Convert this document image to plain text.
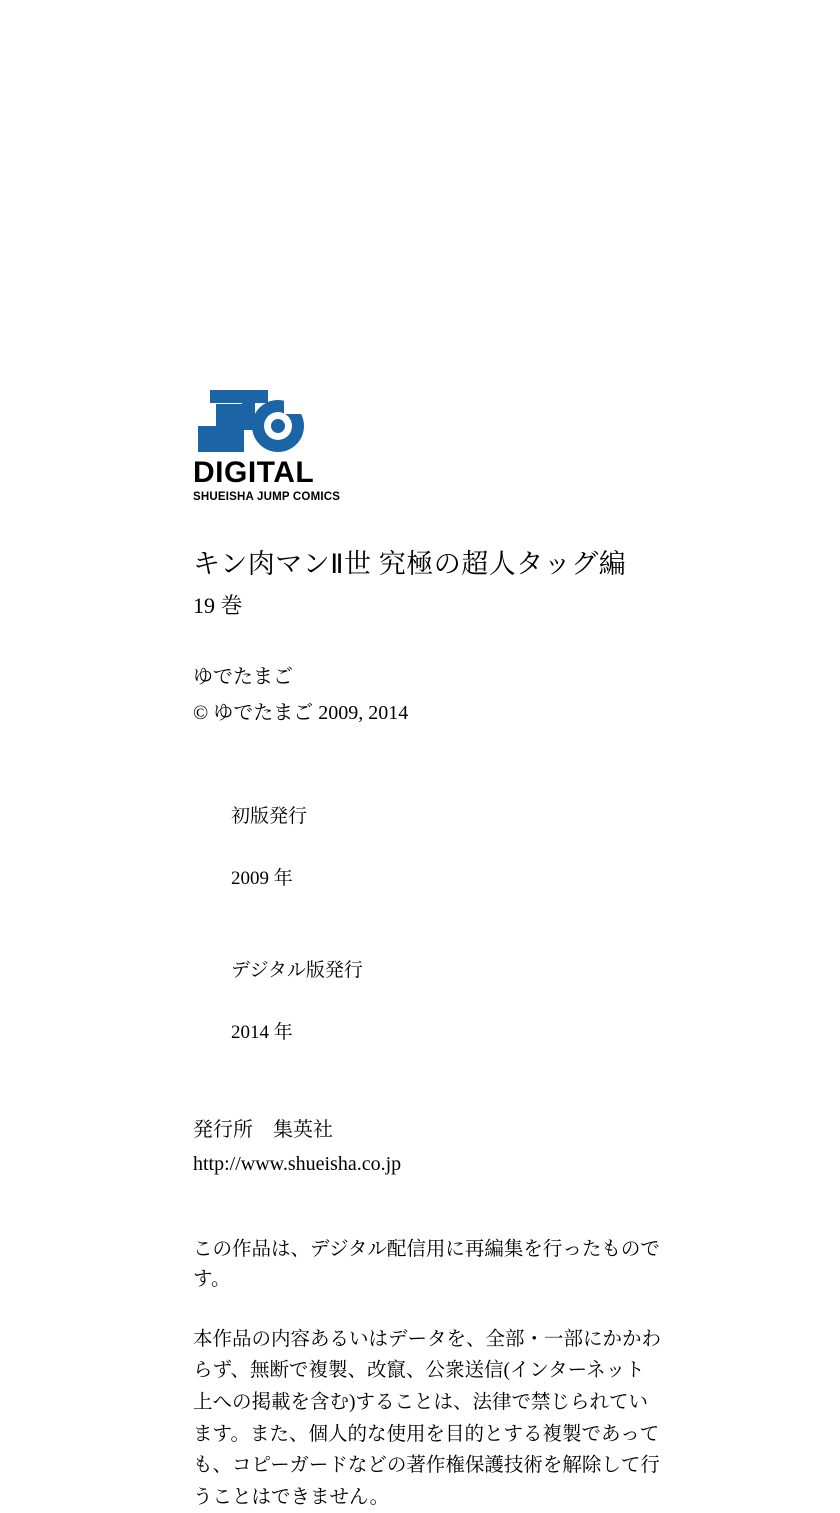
DIGITAL
SHUEISHA JUMP COMICS
キン肉マンⅡ世 究極の超人タッグ編
19 巻
ゆでたまご
© ゆでたまご 2009, 2014

初版発行

2009 年

デジタル版発行

2014 年

発行所　集英社
http://www.shueisha.co.jp
この作品は、デジタル配信用に再編集を行ったものです。
本作品の内容あるいはデータを、全部・一部にかかわらず、無断で複製、改竄、公衆送信(インターネット上への掲載を含む)することは、法律で禁じられています。また、個人的な使用を目的とする複製であっても、コピーガードなどの著作権保護技術を解除して行うことはできません。
